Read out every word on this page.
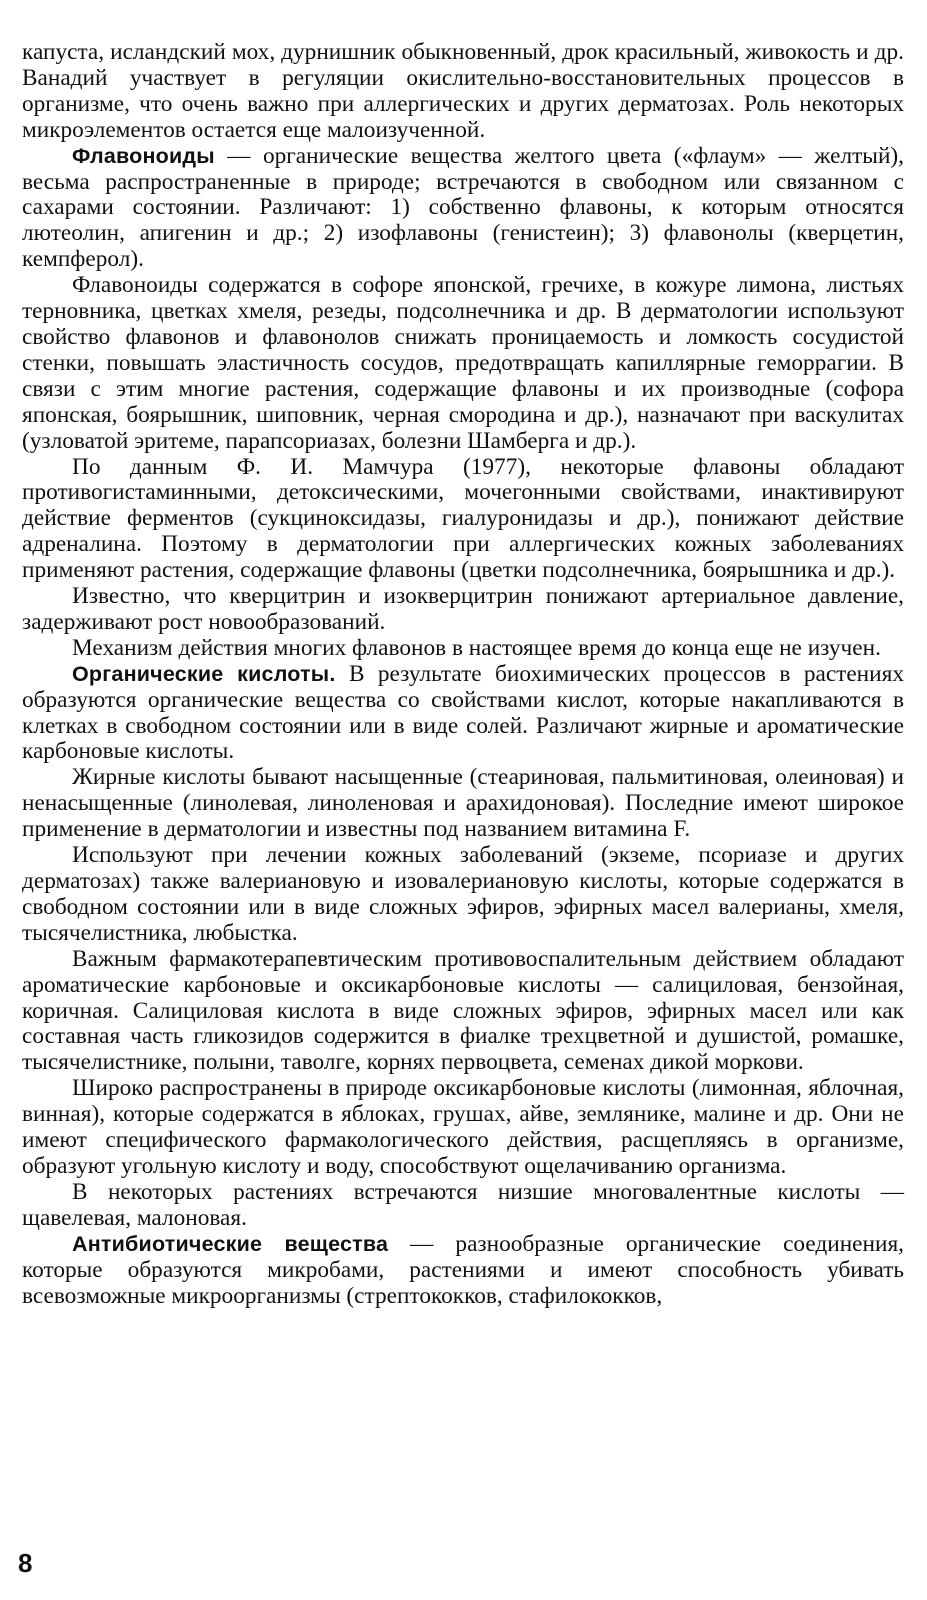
капуста, исландский мох, дурнишник обыкновенный, дрок красильный, живокость и др. Ванадий участвует в регуляции окислительно-восстановительных процессов в организме, что очень важно при аллергических и других дерматозах. Роль некоторых микроэлементов остается еще малоизученной.

Флавоноиды — органические вещества желтого цвета («флаум» — желтый), весьма распространенные в природе; встречаются в свободном или связанном с сахарами состоянии. Различают: 1) собственно флавоны, к которым относятся лютеолин, апигенин и др.; 2) изофлавоны (генистеин); 3) флавонолы (кверцетин, кемпферол).

Флавоноиды содержатся в софоре японской, гречихе, в кожуре лимона, листьях терновника, цветках хмеля, резеды, подсолнечника и др. В дерматологии используют свойство флавонов и флавонолов снижать проницаемость и ломкость сосудистой стенки, повышать эластичность сосудов, предотвращать капиллярные геморрагии. В связи с этим многие растения, содержащие флавоны и их производные (софора японская, боярышник, шиповник, черная смородина и др.), назначают при васкулитах (узловатой эритеме, парапсориазах, болезни Шамберга и др.).

По данным Ф. И. Мамчура (1977), некоторые флавоны обладают противогистаминными, детоксическими, мочегонными свойствами, инактивируют действие ферментов (сукциноксидазы, гиалуронидазы и др.), понижают действие адреналина. Поэтому в дерматологии при аллергических кожных заболеваниях применяют растения, содержащие флавоны (цветки подсолнечника, боярышника и др.).

Известно, что кверцитрин и изокверцитрин понижают артериальное давление, задерживают рост новообразований.

Механизм действия многих флавонов в настоящее время до конца еще не изучен.

Органические кислоты. В результате биохимических процессов в растениях образуются органические вещества со свойствами кислот, которые накапливаются в клетках в свободном состоянии или в виде солей. Различают жирные и ароматические карбоновые кислоты.

Жирные кислоты бывают насыщенные (стеариновая, пальмитиновая, олеиновая) и ненасыщенные (линолевая, линоленовая и арахидоновая). Последние имеют широкое применение в дерматологии и известны под названием витамина F.

Используют при лечении кожных заболеваний (экземе, псориазе и других дерматозах) также валериановую и изовалериановую кислоты, которые содержатся в свободном состоянии или в виде сложных эфиров, эфирных масел валерианы, хмеля, тысячелистника, любыстка.

Важным фармакотерапевтическим противовоспалительным действием обладают ароматические карбоновые и оксикарбоновые кислоты — салициловая, бензойная, коричная. Салициловая кислота в виде сложных эфиров, эфирных масел или как составная часть гликозидов содержится в фиалке трехцветной и душистой, ромашке, тысячелистнике, полыни, таволге, корнях первоцвета, семенах дикой моркови.

Широко распространены в природе оксикарбоновые кислоты (лимонная, яблочная, винная), которые содержатся в яблоках, грушах, айве, землянике, малине и др. Они не имеют специфического фармакологического действия, расщепляясь в организме, образуют угольную кислоту и воду, способствуют ощелачиванию организма.

В некоторых растениях встречаются низшие многовалентные кислоты — щавелевая, малоновая.

Антибиотические вещества — разнообразные органические соединения, которые образуются микробами, растениями и имеют способность убивать всевозможные микроорганизмы (стрептококков, стафилококков,

8
